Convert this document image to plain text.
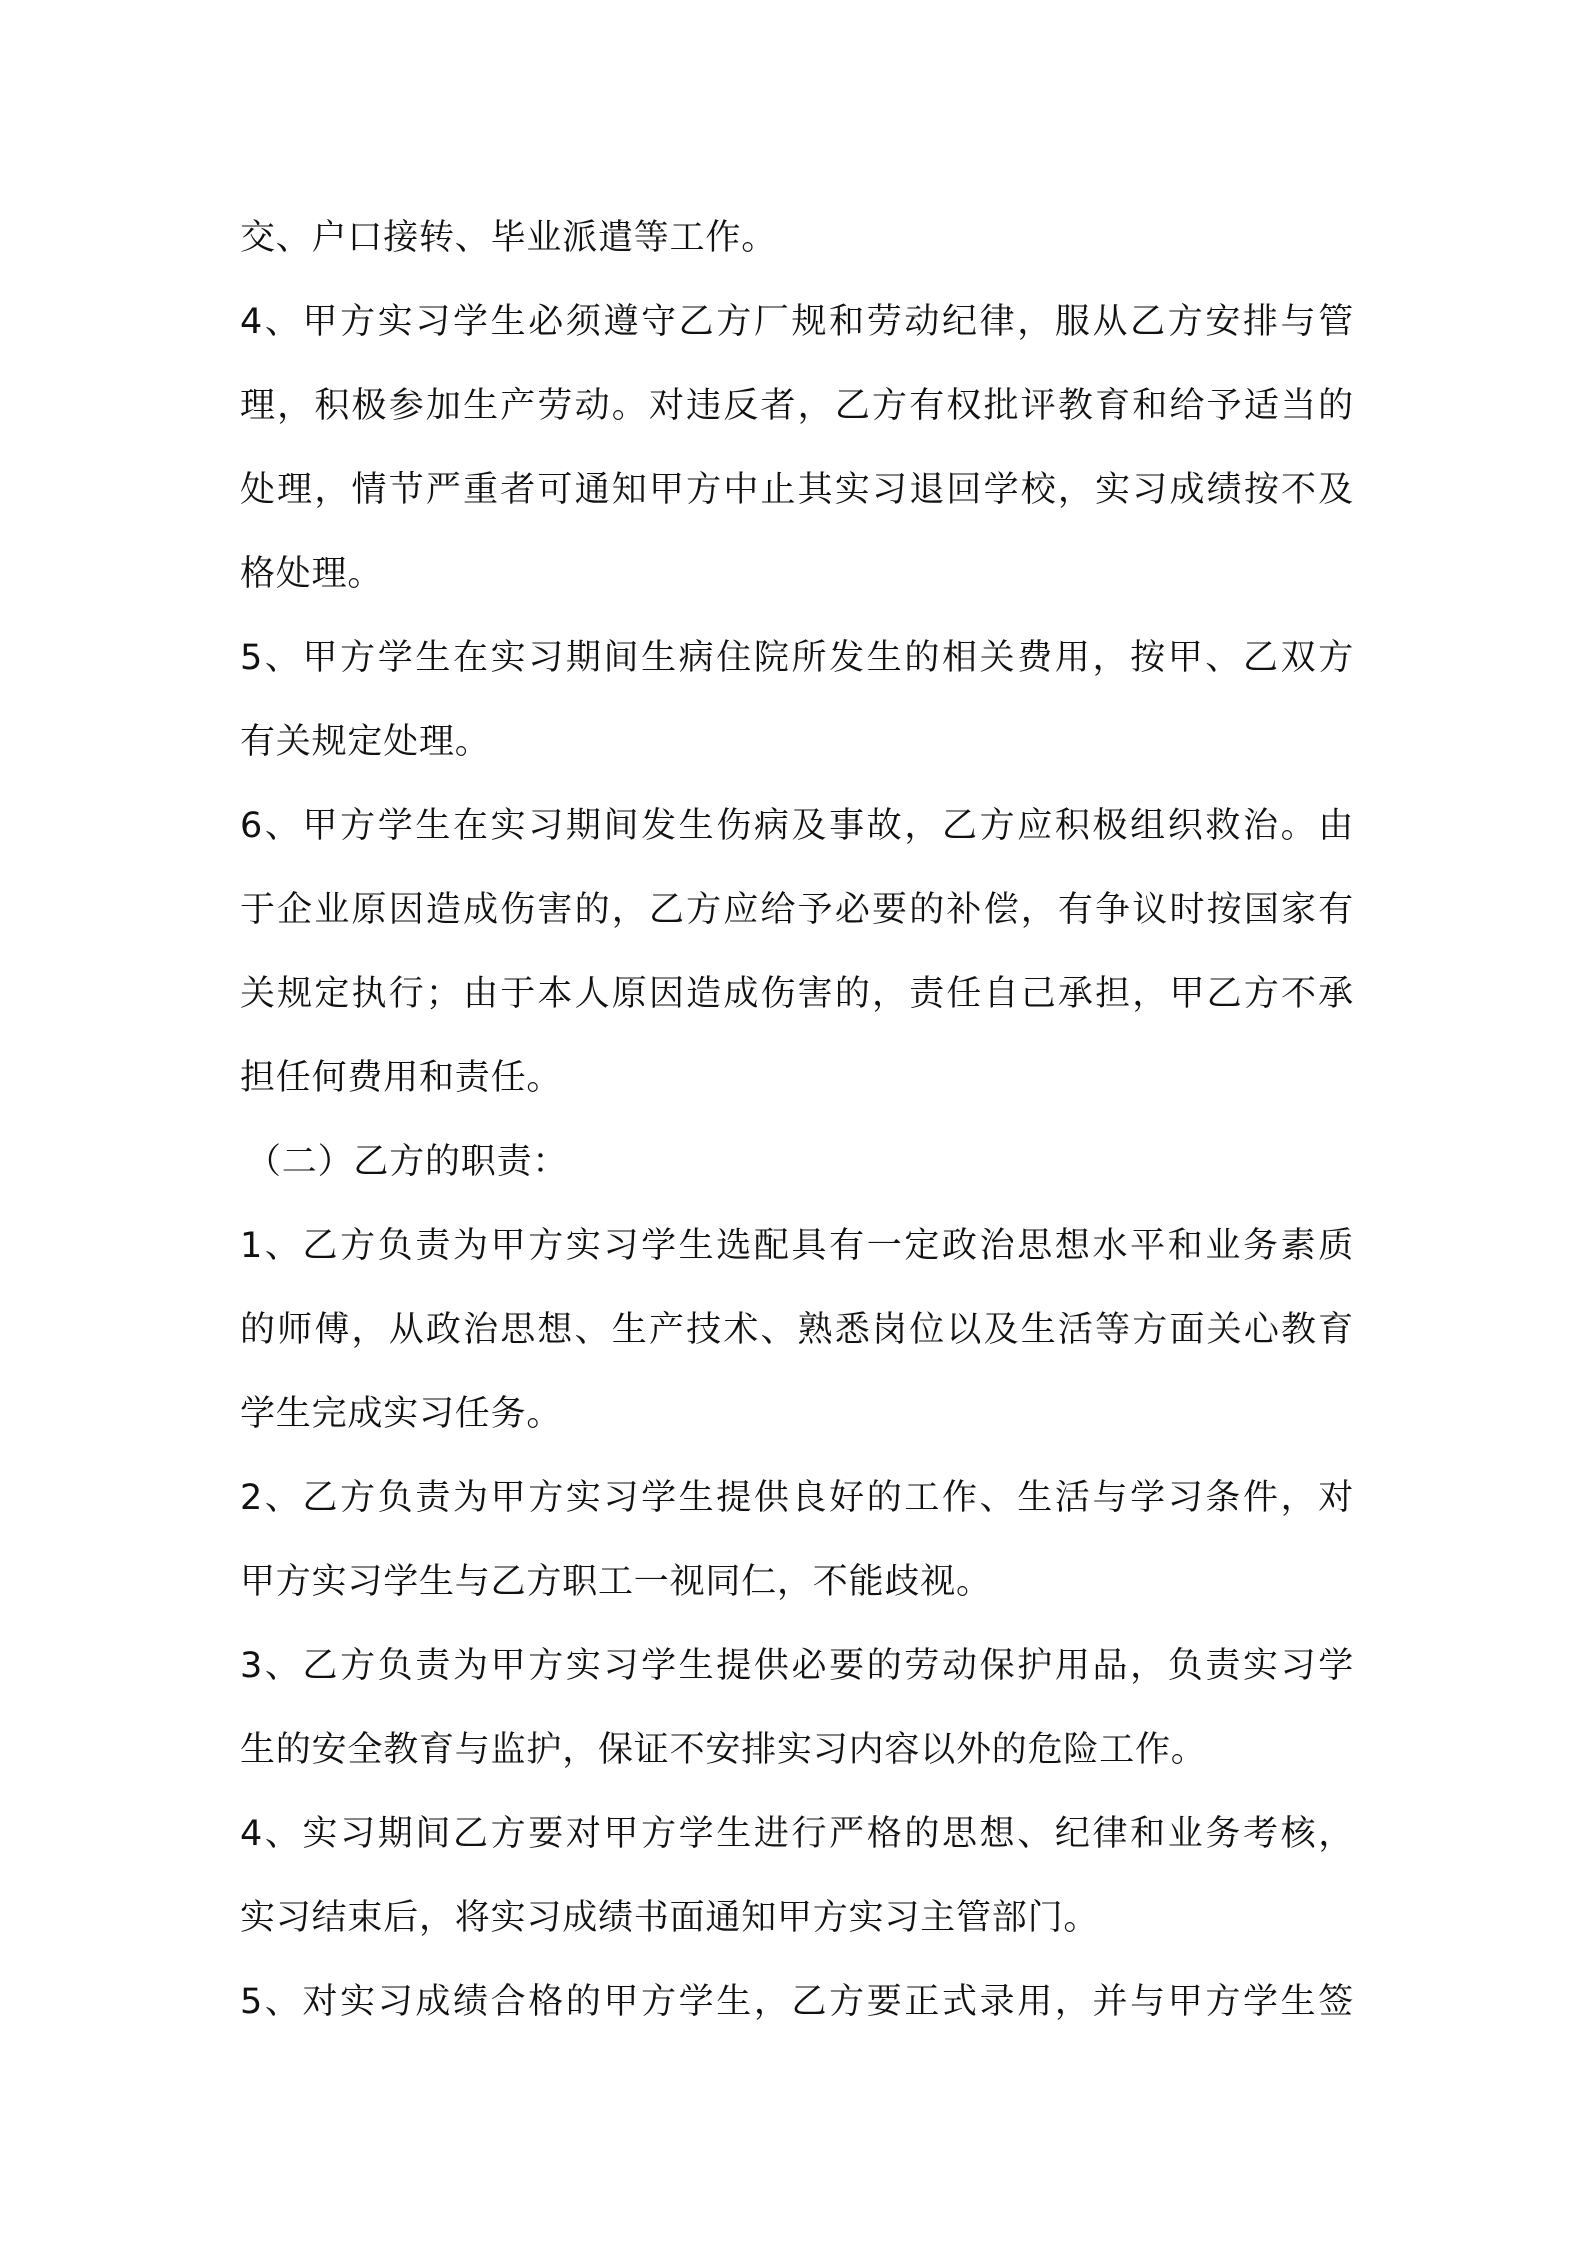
交、户口接转、毕业派遣等工作。
4、甲方实习学生必须遵守乙方厂规和劳动纪律，服从乙方安排与管
理，积极参加生产劳动。对违反者，乙方有权批评教育和给予适当的
处理，情节严重者可通知甲方中止其实习退回学校，实习成绩按不及
格处理。
5、甲方学生在实习期间生病住院所发生的相关费用，按甲、乙双方
有关规定处理。
6、甲方学生在实习期间发生伤病及事故，乙方应积极组织救治。由
于企业原因造成伤害的，乙方应给予必要的补偿，有争议时按国家有
关规定执行；由于本人原因造成伤害的，责任自己承担，甲乙方不承
担任何费用和责任。
（二）乙方的职责：
1、乙方负责为甲方实习学生选配具有一定政治思想水平和业务素质
的师傅，从政治思想、生产技术、熟悉岗位以及生活等方面关心教育
学生完成实习任务。
2、乙方负责为甲方实习学生提供良好的工作、生活与学习条件，对
甲方实习学生与乙方职工一视同仁，不能歧视。
3、乙方负责为甲方实习学生提供必要的劳动保护用品，负责实习学
生的安全教育与监护，保证不安排实习内容以外的危险工作。
4、实习期间乙方要对甲方学生进行严格的思想、纪律和业务考核，
实习结束后，将实习成绩书面通知甲方实习主管部门。
5、对实习成绩合格的甲方学生，乙方要正式录用，并与甲方学生签
